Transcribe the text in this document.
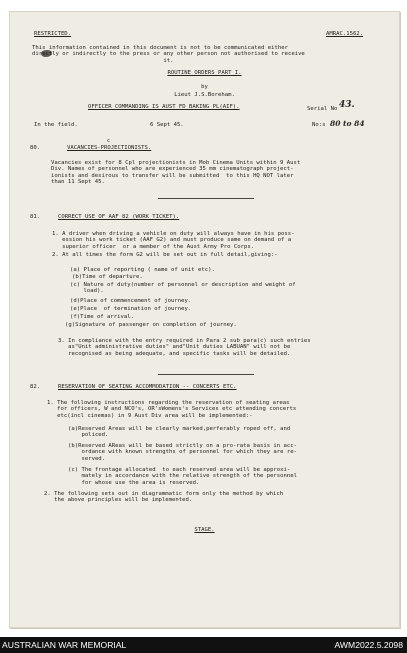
RESTRICTED.	AMRAC.1562.
This information contained in this document is not to be communicated either
directly or indirectly to the press or any other person not authorised to receive
it.
ROUTINE ORDERS PART I.
by
Lieut J.S.Boreham.
OFFICER COMMANDING IS AUST FD BAKING PL(AIF).	Serial No 43.
In the field.	6 Sept 45.	No:s 80 to 84
80.	VACANCIES-PROJECTIONISTS.
c
Vacancies exist for 8 Cpl projectionists in Mob Cinema Units within 9 Aust
Div. Names of personnel who are experienced 35 mm cinematograph project-
ionists and desirous to transfer will be submitted  to this HQ NOT later
than 11 Sept 45.
81.	CORRECT USE OF AAF 82 (WORK TICKET).
1. A driver when driving a vehicle on duty will always have in his poss-
ession his work ticket (AAF G2) and must produce same on demand of a
superior officer  or a member of the Aust Army Pro Corps.
2. At all times the form G2 will be set out in full detail,giving:-
(a) Place of reporting ( name of unit etc).
(b)Time of departure.
(c) Nature of duty(number of personnel or description and weight of
load).
(d)Place of commencement of journey.
(e)Place  of termination of journey.
(f)Time of arrival.
(g)Signature of passenger on completion of journey.
3. In compliance with the entry required in Para 2 sub para(c) such entries
as"Unit administrative duties" and"Unit duties LABUAN" will not be
recognised as being adequate, and specific tasks will be detailed.
82.	RESERVATION OF SEATING ACCOMMODATION -- CONCERTS ETC.
1. The following instructions regarding the reservation of seating areas
for officers, W and NCO's, OR'sWomens's Services etc attending concerts
etc(incl cinemas) in 9 Aust Div area will be implemented:-
(a)Reserved Areas will be clearly marked,perferably roped off, and
policed.
(b)Reserved AReas will be based strictly on a pro-rata basis in acc-
ordance with known strengths of personnel for which they are re-
served.
(c) The frontage allocated  to each reserved area will be approxi-
mately in accordance with the relative strength of the personnel
for whose use the area is reserved.
2. The following sets out in diagrammatic form only the method by which
the above principles will be implemented.
STAGE.
AUSTRALIAN WAR MEMORIAL	AWM2022.5.2098
